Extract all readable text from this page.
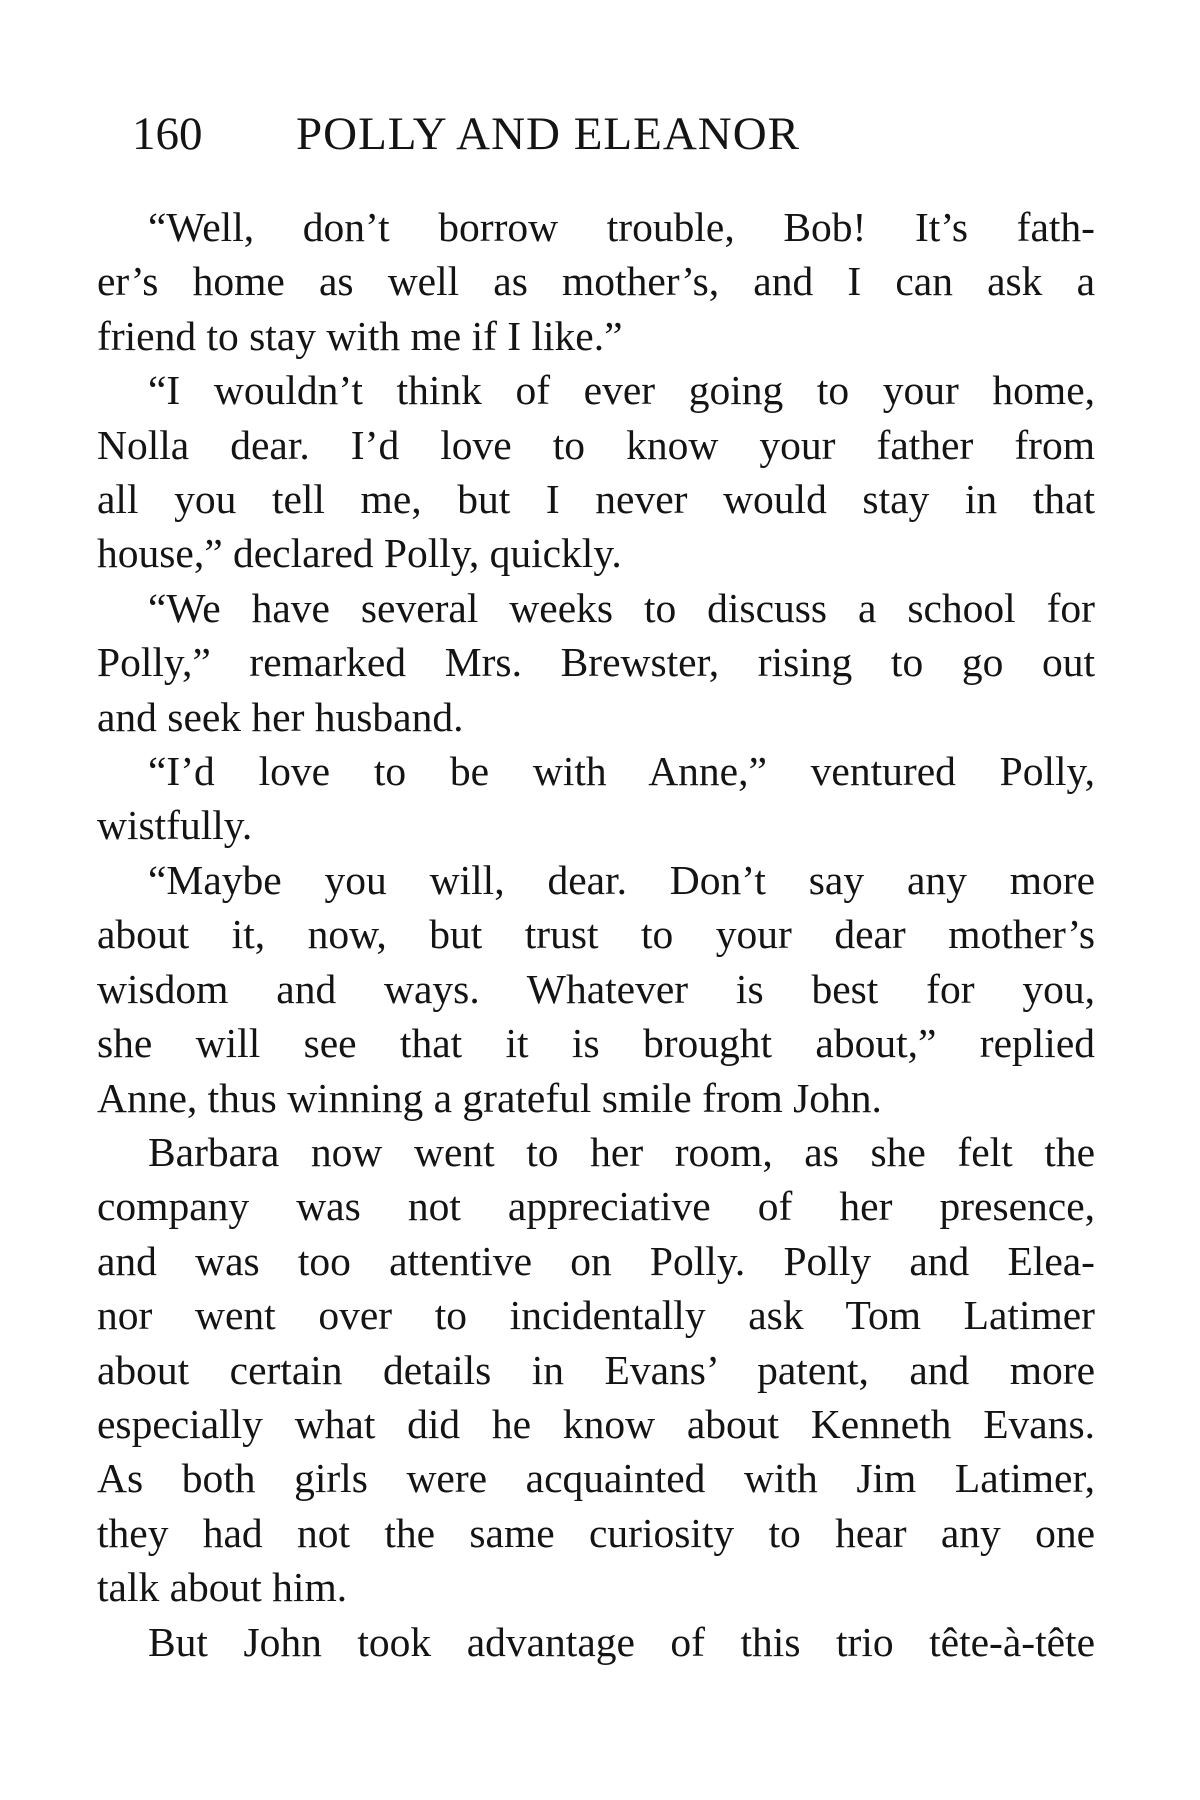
160 POLLY AND ELEANOR

“Well, don’t borrow trouble, Bob! It’s fath-
er’s home as well as mother’s, and I can ask a
friend to stay with me if I like.”

“I wouldn’t think of ever going to your home,
Nolla dear. I’d love to know your father from
all you tell me, but I never would stay in that
house,” declared Polly, quickly.

“We have several weeks to discuss a school for
Polly,” remarked Mrs. Brewster, rising to go out
and seek her husband.

“I’d love to be with Anne,” ventured Polly,
wistfully.

“Maybe you will, dear. Don’t say any more
about it, now, but trust to your dear mother’s
wisdom and ways. Whatever is best for you,
she will see that it is brought about,” replied
Anne, thus winning a grateful smile from John.

Barbara now went to her room, as she felt the
company was not appreciative of her presence,
and was too attentive on Polly. Polly and Elea-
nor went over to incidentally ask Tom Latimer
about certain details in Evans’ patent, and more
especially what did he know about Kenneth Evans.
As both girls were acquainted with Jim Latimer,
they had not the same curiosity to hear any one
talk about him.

But John took advantage of this trio tête-à-tête
